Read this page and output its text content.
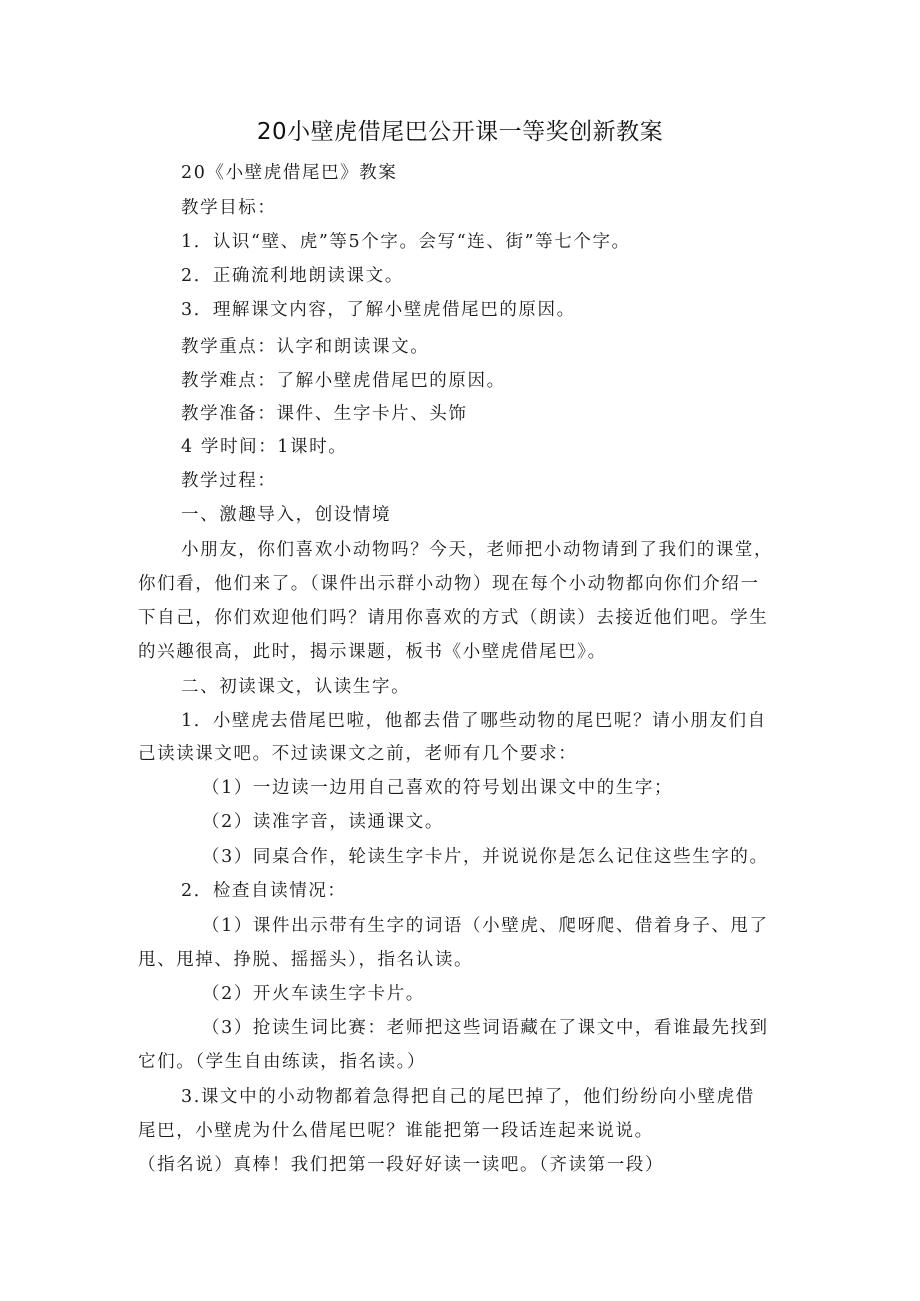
20小壁虎借尾巴公开课一等奖创新教案
20《小壁虎借尾巴》教案
教学目标：
1．认识“壁、虎”等5个字。会写“连、街”等七个字。
2．正确流利地朗读课文。
3．理解课文内容，了解小壁虎借尾巴的原因。
教学重点：认字和朗读课文。
教学难点：了解小壁虎借尾巴的原因。
教学准备：课件、生字卡片、头饰
4 学时间：1课时。
教学过程：
一、激趣导入，创设情境
小朋友，你们喜欢小动物吗？今天，老师把小动物请到了我们的课堂，
你们看，他们来了。（课件出示群小动物）现在每个小动物都向你们介绍一
下自己，你们欢迎他们吗？请用你喜欢的方式（朗读）去接近他们吧。学生
的兴趣很高，此时，揭示课题，板书《小壁虎借尾巴》。
二、初读课文，认读生字。
1．小壁虎去借尾巴啦，他都去借了哪些动物的尾巴呢？请小朋友们自
己读读课文吧。不过读课文之前，老师有几个要求：
（1）一边读一边用自己喜欢的符号划出课文中的生字；
（2）读准字音，读通课文。
（3）同桌合作，轮读生字卡片，并说说你是怎么记住这些生字的。
2．检查自读情况：
（1）课件出示带有生字的词语（小壁虎、爬呀爬、借着身子、甩了
甩、甩掉、挣脱、摇摇头），指名认读。
（2）开火车读生字卡片。
（3）抢读生词比赛：老师把这些词语藏在了课文中，看谁最先找到
它们。（学生自由练读，指名读。）
3.课文中的小动物都着急得把自己的尾巴掉了，他们纷纷向小壁虎借
尾巴，小壁虎为什么借尾巴呢？谁能把第一段话连起来说说。
（指名说）真棒！我们把第一段好好读一读吧。（齐读第一段）
